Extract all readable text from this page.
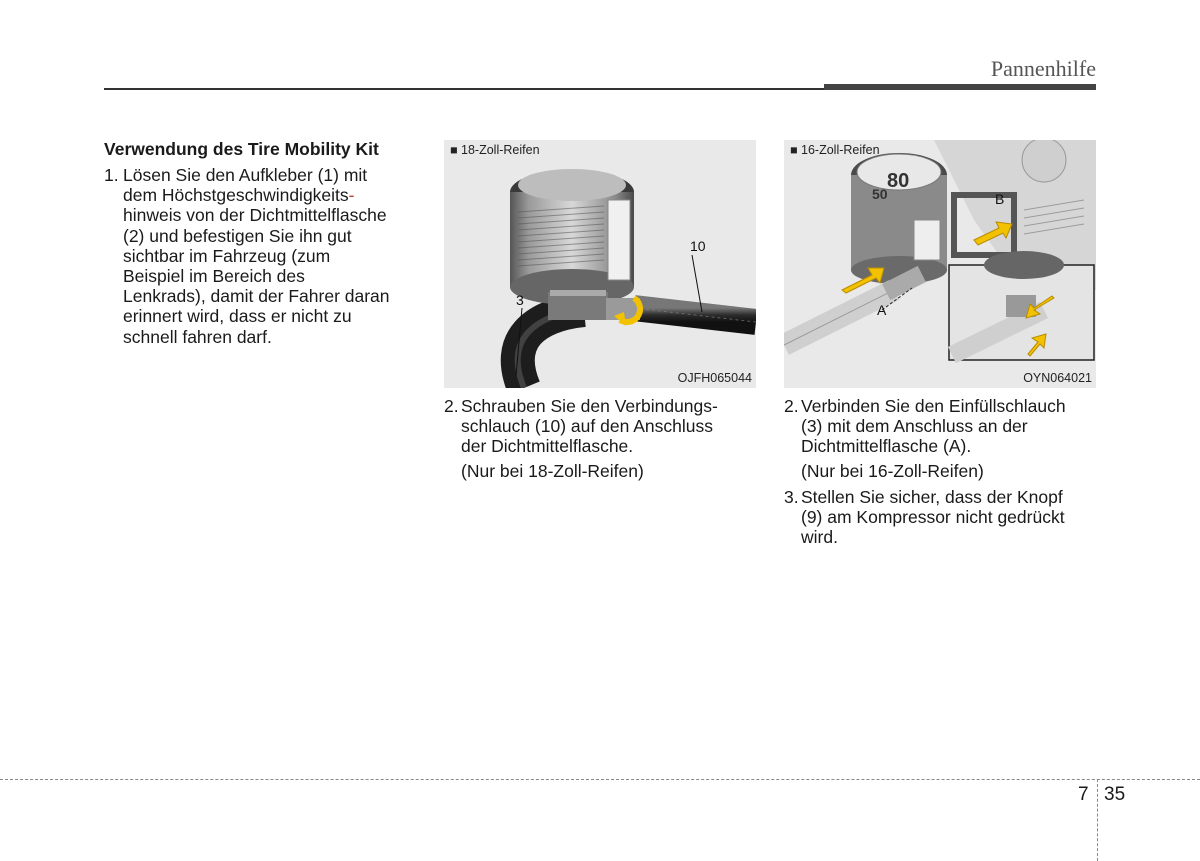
Pannenhilfe
Verwendung des Tire Mobility Kit
1. Lösen Sie den Aufkleber (1) mit
dem Höchstgeschwindigkeits-
hinweis von der Dichtmittelflasche
(2) und befestigen Sie ihn gut
sichtbar im Fahrzeug (zum
Beispiel im Bereich des
Lenkrads), damit der Fahrer daran
erinnert wird, dass er nicht zu
schnell fahren darf.
■ 18-Zoll-Reifen
10
3
OJFH065044
2. Schrauben Sie den Verbindungs-
schlauch (10) auf den Anschluss
der Dichtmittelflasche.
(Nur bei 18-Zoll-Reifen)
80
50
■ 16-Zoll-Reifen
A
B
OYN064021
2. Verbinden Sie den Einfüllschlauch
(3) mit dem Anschluss an der
Dichtmittelflasche (A).
(Nur bei 16-Zoll-Reifen)
3. Stellen Sie sicher, dass der Knopf
(9) am Kompressor nicht gedrückt
wird.
7 35
